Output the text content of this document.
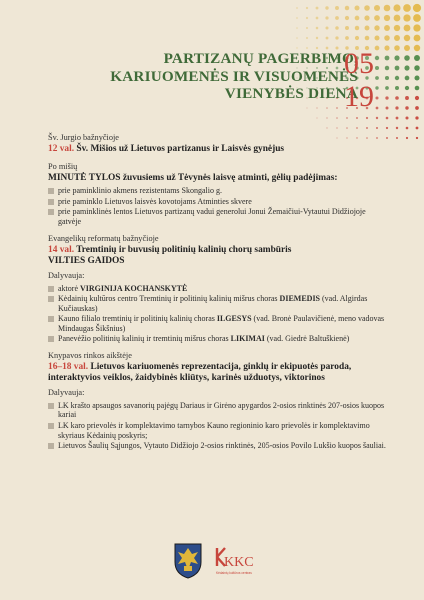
PARTIZANŲ PAGERBIMO,
KARIUOMENĖS IR VISUOMENĖS
VIENYBĖS DIENA
05
19

Šv. Jurgio bažnyčioje

12 val. Šv. Mišios už Lietuvos partizanus ir Laisvės gynėjus

Po mišių

MINUTĖ TYLOS žuvusiems už Tėvynės laisvę atminti, gėlių padėjimas:

prie paminklinio akmens rezistentams Skongalio g.
prie paminklo Lietuvos laisvės kovotojams Atminties skvere
prie paminklinės lentos Lietuvos partizanų vadui generolui Jonui Žemaičiui-Vytautui Didžiojoje gatvėje

Evangelikų reformatų bažnyčioje

14 val. Tremtinių ir buvusių politinių kalinių chorų sambūris
VILTIES GAIDOS

Dalyvauja:

aktorė VIRGINIJA KOCHANSKYTĖ
Kėdainių kultūros centro Tremtinių ir politinių kalinių mišrus choras DIEMEDIS (vad. Algirdas Kučiauskas)
Kauno filialo tremtinių ir politinių kalinių choras ILGESYS (vad. Bronė Paulavičienė, meno vadovas Mindaugas Šikšnius)
Panevėžio politinių kalinių ir tremtinių mišrus choras LIKIMAI (vad. Giedrė Baltuškienė)

Knypavos rinkos aikštėje

16–18 val. Lietuvos kariuomenės reprezentacija, ginklų ir ekipuotės paroda, interaktyvios veiklos, žaidybinės kliūtys, karinės užduotys, viktorinos

Dalyvauja:

LK krašto apsaugos savanorių pajėgų Dariaus ir Girėno apygardos 2-osios rinktinės 207-osios kuopos kariai
LK karo prievolės ir komplektavimo tarnybos Kauno regioninio karo prievolės ir komplektavimo skyriaus Kėdainių poskyris;
Lietuvos Šaulių Sąjungos, Vytauto Didžiojo 2-osios rinktinės, 205-osios Povilo Lukšio kuopos šauliai.
KKC
Kėdainių kultūros centras
